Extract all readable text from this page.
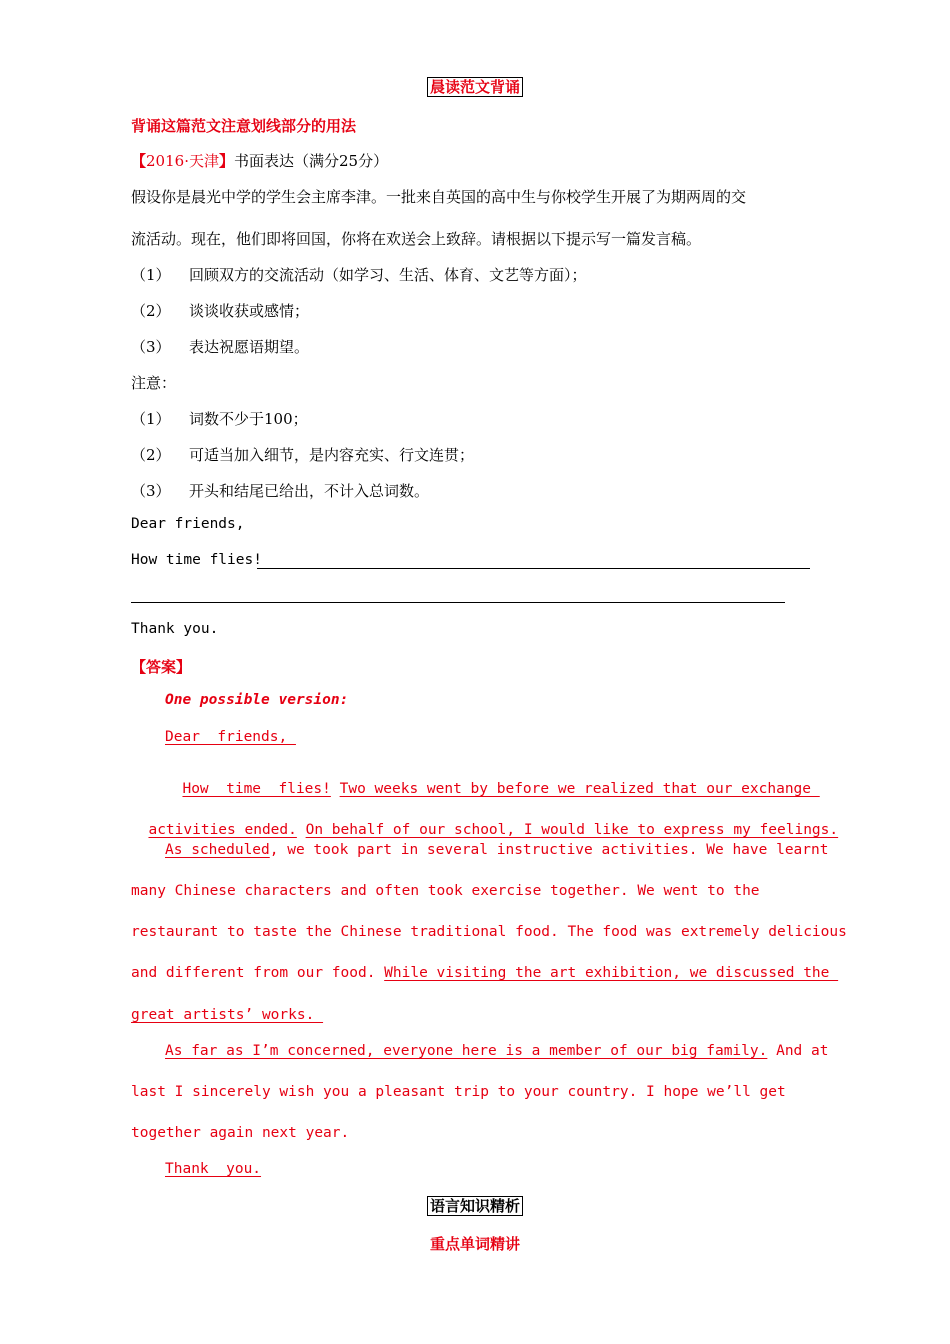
晨读范文背诵
背诵这篇范文注意划线部分的用法
【2016·天津】书面表达（满分25分）
假设你是晨光中学的学生会主席李津。一批来自英国的高中生与你校学生开展了为期两周的交
流活动。现在，他们即将回国，你将在欢送会上致辞。请根据以下提示写一篇发言稿。
（1） 回顾双方的交流活动（如学习、生活、体育、文艺等方面）；
（2） 谈谈收获或感情；
（3） 表达祝愿语期望。
注意：
（1） 词数不少于100；
（2） 可适当加入细节，是内容充实、行文连贯；
（3） 开头和结尾已给出，不计入总词数。
Dear friends,
How time flies!
Thank you.
【答案】
One possible version:
Dear  friends,

How  time  flies! Two weeks went by before we realized that our exchange

activities ended. On behalf of our school, I would like to express my feelings.

As scheduled, we took part in several instructive activities. We have learnt
many Chinese characters and often took exercise together. We went to the
restaurant to taste the Chinese traditional food. The food was extremely delicious
and different from our food. While visiting the art exhibition, we discussed the
great artists’ works.
As far as I’m concerned, everyone here is a member of our big family. And at
last I sincerely wish you a pleasant trip to your country. I hope we’ll get
together again next year.
Thank  you.
语言知识精析
重点单词精讲
